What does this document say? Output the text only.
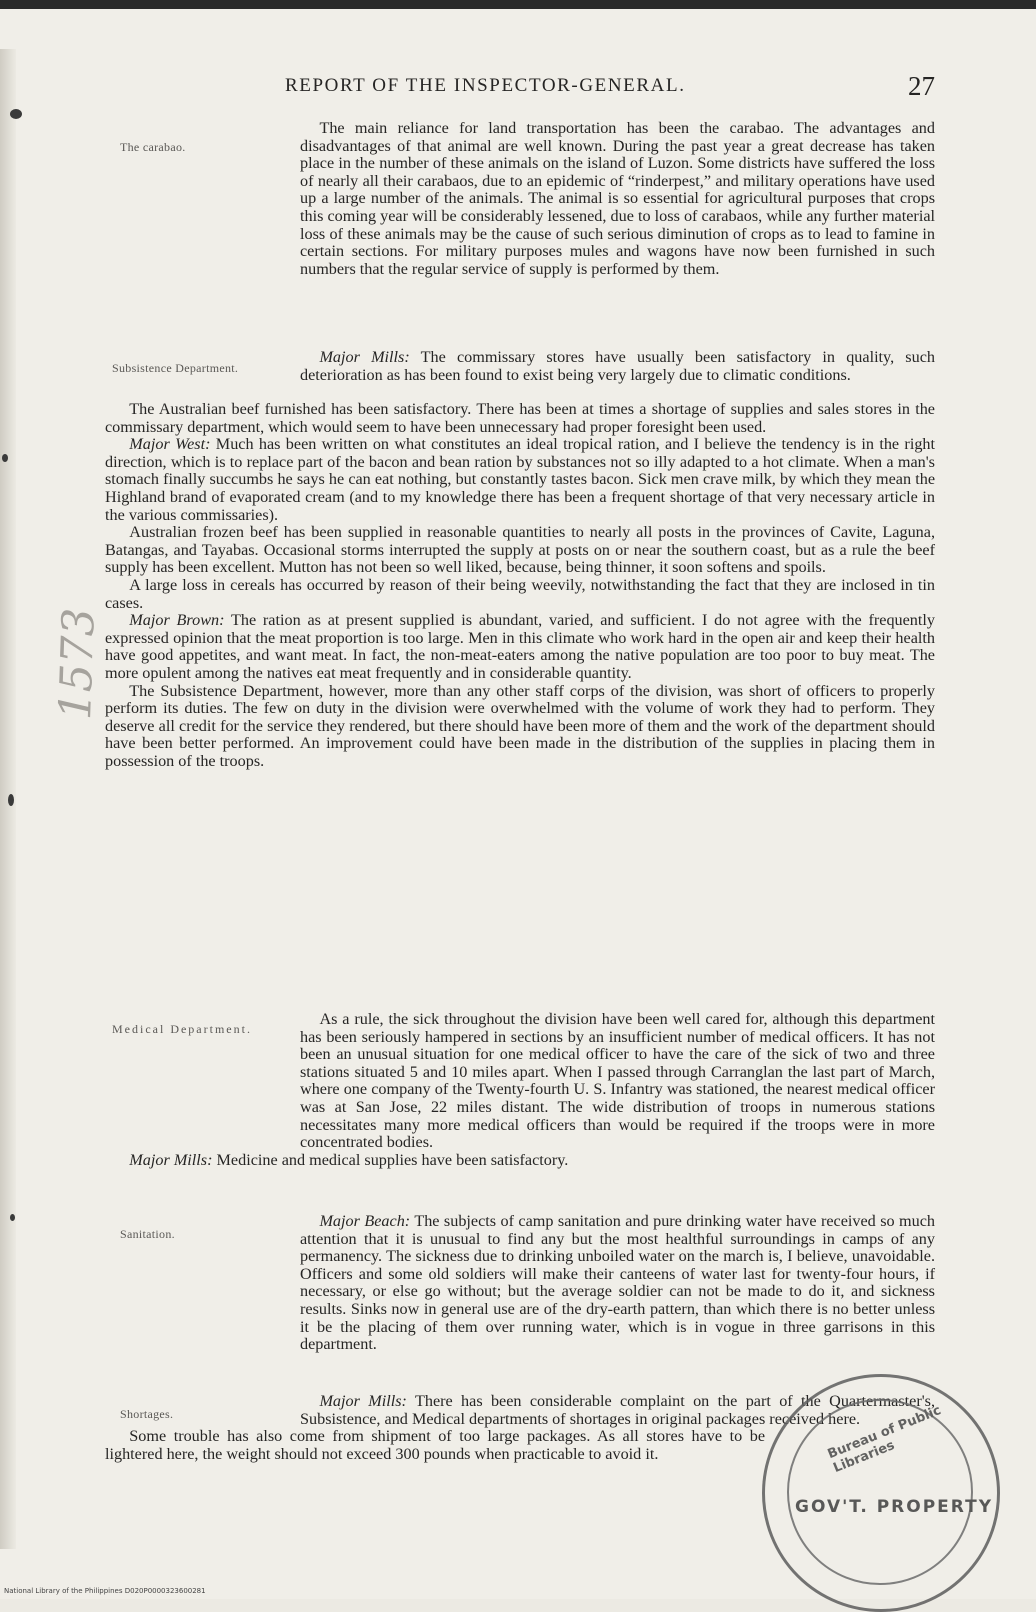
REPORT OF THE INSPECTOR-GENERAL.	27
The carabao.
Subsistence Department.
Medical Department.
Sanitation.
Shortages.

The main reliance for land transportation has been the carabao. The advantages and disadvantages of that animal are well known. During the past year a great decrease has taken place in the number of these animals on the island of Luzon. Some districts have suffered the loss of nearly all their carabaos, due to an epidemic of “rinderpest,” and military operations have used up a large number of the animals. The animal is so essential for agricultural purposes that crops this coming year will be considerably lessened, due to loss of carabaos, while any further material loss of these animals may be the cause of such serious diminution of crops as to lead to famine in certain sections. For military purposes mules and wagons have now been furnished in such numbers that the regular service of supply is performed by them.

Major Mills: The commissary stores have usually been satisfactory in quality, such deterioration as has been found to exist being very largely due to climatic conditions.

The Australian beef furnished has been satisfactory. There has been at times a shortage of supplies and sales stores in the commissary department, which would seem to have been unnecessary had proper foresight been used.

Major West: Much has been written on what constitutes an ideal tropical ration, and I believe the tendency is in the right direction, which is to replace part of the bacon and bean ration by substances not so illy adapted to a hot climate. When a man's stomach finally succumbs he says he can eat nothing, but constantly tastes bacon. Sick men crave milk, by which they mean the Highland brand of evaporated cream (and to my knowledge there has been a frequent shortage of that very necessary article in the various commissaries).

Australian frozen beef has been supplied in reasonable quantities to nearly all posts in the provinces of Cavite, Laguna, Batangas, and Tayabas. Occasional storms interrupted the supply at posts on or near the southern coast, but as a rule the beef supply has been excellent. Mutton has not been so well liked, because, being thinner, it soon softens and spoils.

A large loss in cereals has occurred by reason of their being weevily, notwithstanding the fact that they are inclosed in tin cases.

Major Brown: The ration as at present supplied is abundant, varied, and sufficient. I do not agree with the frequently expressed opinion that the meat proportion is too large. Men in this climate who work hard in the open air and keep their health have good appetites, and want meat. In fact, the non-meat-eaters among the native population are too poor to buy meat. The more opulent among the natives eat meat frequently and in considerable quantity.

The Subsistence Department, however, more than any other staff corps of the division, was short of officers to properly perform its duties. The few on duty in the division were overwhelmed with the volume of work they had to perform. They deserve all credit for the service they rendered, but there should have been more of them and the work of the department should have been better performed. An improvement could have been made in the distribution of the supplies in placing them in possession of the troops.

As a rule, the sick throughout the division have been well cared for, although this department has been seriously hampered in sections by an insufficient number of medical officers. It has not been an unusual situation for one medical officer to have the care of the sick of two and three stations situated 5 and 10 miles apart. When I passed through Carranglan the last part of March, where one company of the Twenty-fourth U. S. Infantry was stationed, the nearest medical officer was at San Jose, 22 miles distant. The wide distribution of troops in numerous stations necessitates many more medical officers than would be required if the troops were in more concentrated bodies.

Major Mills: Medicine and medical supplies have been satisfactory.

Major Beach: The subjects of camp sanitation and pure drinking water have received so much attention that it is unusual to find any but the most healthful surroundings in camps of any permanency. The sickness due to drinking unboiled water on the march is, I believe, unavoidable. Officers and some old soldiers will make their canteens of water last for twenty-four hours, if necessary, or else go without; but the average soldier can not be made to do it, and sickness results. Sinks now in general use are of the dry-earth pattern, than which there is no better unless it be the placing of them over running water, which is in vogue in three garrisons in this department.

Major Mills: There has been considerable complaint on the part of the Quartermaster's, Subsistence, and Medical departments of shortages in original packages received here.

Some trouble has also come from shipment of too large packages. As all stores have to be lightered here, the weight should not exceed 300 pounds when practicable to avoid it.

1573
Bureau of Public Libraries
GOV'T. PROPERTY
National Library of the Philippines D020P0000323600281
